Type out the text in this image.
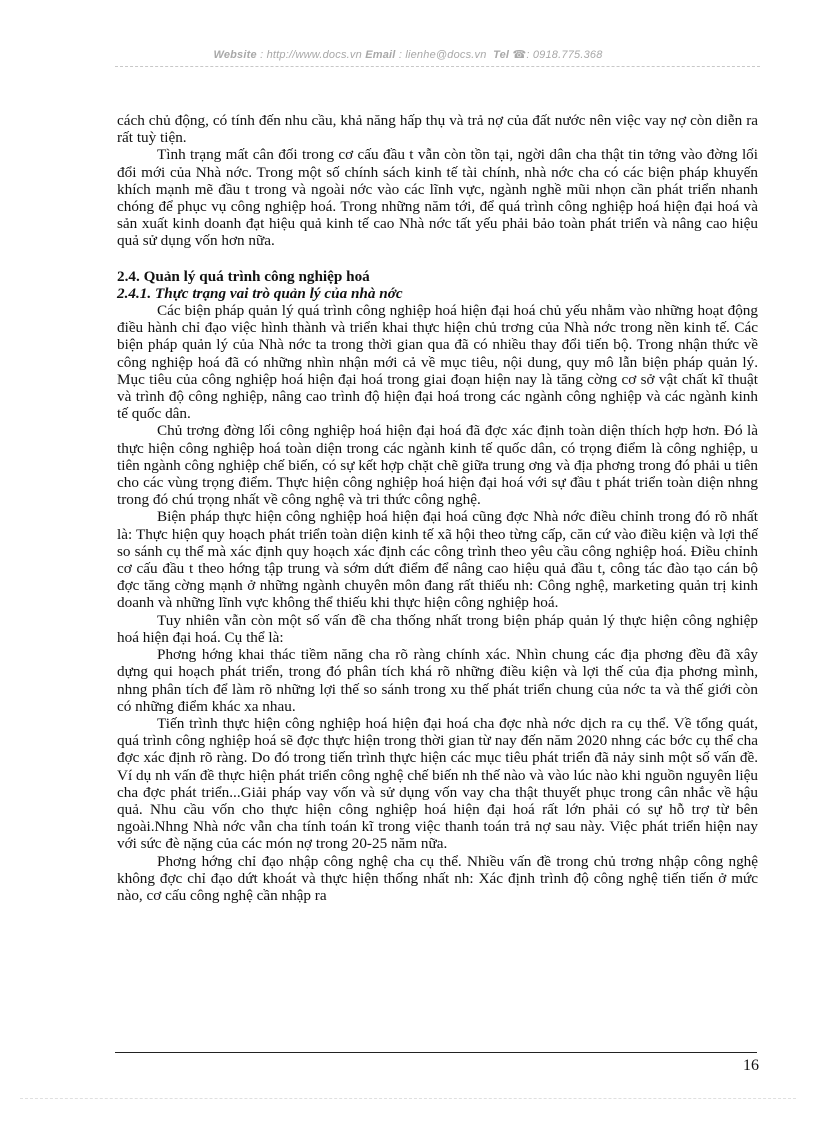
Website : http://www.docs.vn Email : lienhe@docs.vn Tel ☎: 0918.775.368

cách chủ động, có tính đến nhu cầu, khả năng hấp thụ và trả nợ của đất nước nên việc vay nợ còn diễn ra rất tuỳ tiện.

Tình trạng mất cân đối trong cơ cấu đầu t vẫn còn tồn tại, ngời dân cha thật tin tởng vào đờng lối đổi mới của Nhà nớc. Trong một số chính sách kinh tế tài chính, nhà nớc cha có các biện pháp khuyến khích mạnh mẽ đầu t trong và ngoài nớc vào các lĩnh vực, ngành nghề mũi nhọn cần phát triển nhanh chóng để phục vụ công nghiệp hoá. Trong những năm tới, để quá trình công nghiệp hoá hiện đại hoá và sản xuất kinh doanh đạt hiệu quả kinh tế cao Nhà nớc tất yếu phải bảo toàn phát triển và nâng cao hiệu quả sử dụng vốn hơn nữa.

2.4. Quản lý quá trình công nghiệp hoá
2.4.1. Thực trạng vai trò quản lý của nhà nớc

Các biện pháp quản lý quá trình công nghiệp hoá hiện đại hoá chủ yếu nhằm vào những hoạt động điều hành chỉ đạo việc hình thành và triển khai thực hiện chủ trơng của Nhà nớc trong nền kinh tế. Các biện pháp quản lý của Nhà nớc ta trong thời gian qua đã có nhiều thay đổi tiến bộ. Trong nhận thức về công nghiệp hoá đã có những nhìn nhận mới cả về mục tiêu, nội dung, quy mô lẫn biện pháp quản lý. Mục tiêu của công nghiệp hoá hiện đại hoá trong giai đoạn hiện nay là tăng cờng cơ sở vật chất kĩ thuật và trình độ công nghiệp, nâng cao trình độ hiện đại hoá trong các ngành công nghiệp và các ngành kinh tế quốc dân.

Chủ trơng đờng lối công nghiệp hoá hiện đại hoá đã đợc xác định toàn diện thích hợp hơn. Đó là thực hiện công nghiệp hoá toàn diện trong các ngành kinh tế quốc dân, có trọng điểm là công nghiệp, u tiên ngành công nghiệp chế biến, có sự kết hợp chặt chẽ giữa trung ơng và địa phơng trong đó phải u tiên cho các vùng trọng điểm. Thực hiện công nghiệp hoá hiện đại hoá với sự đầu t phát triển toàn diện nhng trong đó chú trọng nhất về công nghệ và tri thức công nghệ.

Biện pháp thực hiện công nghiệp hoá hiện đại hoá cũng đợc Nhà nớc điều chỉnh trong đó rõ nhất là: Thực hiện quy hoạch phát triển toàn diện kinh tế xã hội theo từng cấp, căn cứ vào điều kiện và lợi thế so sánh cụ thể mà xác định quy hoạch xác định các công trình theo yêu cầu công nghiệp hoá. Điều chỉnh cơ cấu đầu t theo hớng tập trung và sớm dứt điểm để nâng cao hiệu quả đầu t, công tác đào tạo cán bộ đợc tăng cờng mạnh ở những ngành chuyên môn đang rất thiếu nh: Công nghệ, marketing quản trị kinh doanh và những lĩnh vực không thể thiếu khi thực hiện công nghiệp hoá.

Tuy nhiên vẫn còn một số vấn đề cha thống nhất trong biện pháp quản lý thực hiện công nghiệp hoá hiện đại hoá. Cụ thể là:

Phơng hớng khai thác tiềm năng cha rõ ràng chính xác. Nhìn chung các địa phơng đều đã xây dựng qui hoạch phát triển, trong đó phân tích khá rõ những điều kiện và lợi thế của địa phơng mình, nhng phân tích để làm rõ những lợi thế so sánh trong xu thế phát triển chung của nớc ta và thế giới còn có những điểm khác xa nhau.

Tiến trình thực hiện công nghiệp hoá hiện đại hoá cha đợc nhà nớc dịch ra cụ thể. Về tổng quát, quá trình công nghiệp hoá sẽ đợc thực hiện trong thời gian từ nay đến năm 2020 nhng các bớc cụ thể cha đợc xác định rõ ràng. Do đó trong tiến trình thực hiện các mục tiêu phát triển đã nảy sinh một số vấn đề. Ví dụ nh vấn đề thực hiện phát triển công nghệ chế biến nh thế nào và vào lúc nào khi nguồn nguyên liệu cha đợc phát triển...Giải pháp vay vốn và sử dụng vốn vay cha thật thuyết phục trong cân nhắc về hậu quả. Nhu cầu vốn cho thực hiện công nghiệp hoá hiện đại hoá rất lớn phải có sự hỗ trợ từ bên ngoài.Nhng Nhà nớc vẫn cha tính toán kĩ trong việc thanh toán trả nợ sau này. Việc phát triển hiện nay với sức đè nặng của các món nợ trong 20-25 năm nữa.

Phơng hớng chỉ đạo nhập công nghệ cha cụ thể. Nhiều vấn đề trong chủ trơng nhập công nghệ không đợc chỉ đạo dứt khoát và thực hiện thống nhất nh: Xác định trình độ công nghệ tiến tiến ở mức nào, cơ cấu công nghệ cần nhập ra

16
